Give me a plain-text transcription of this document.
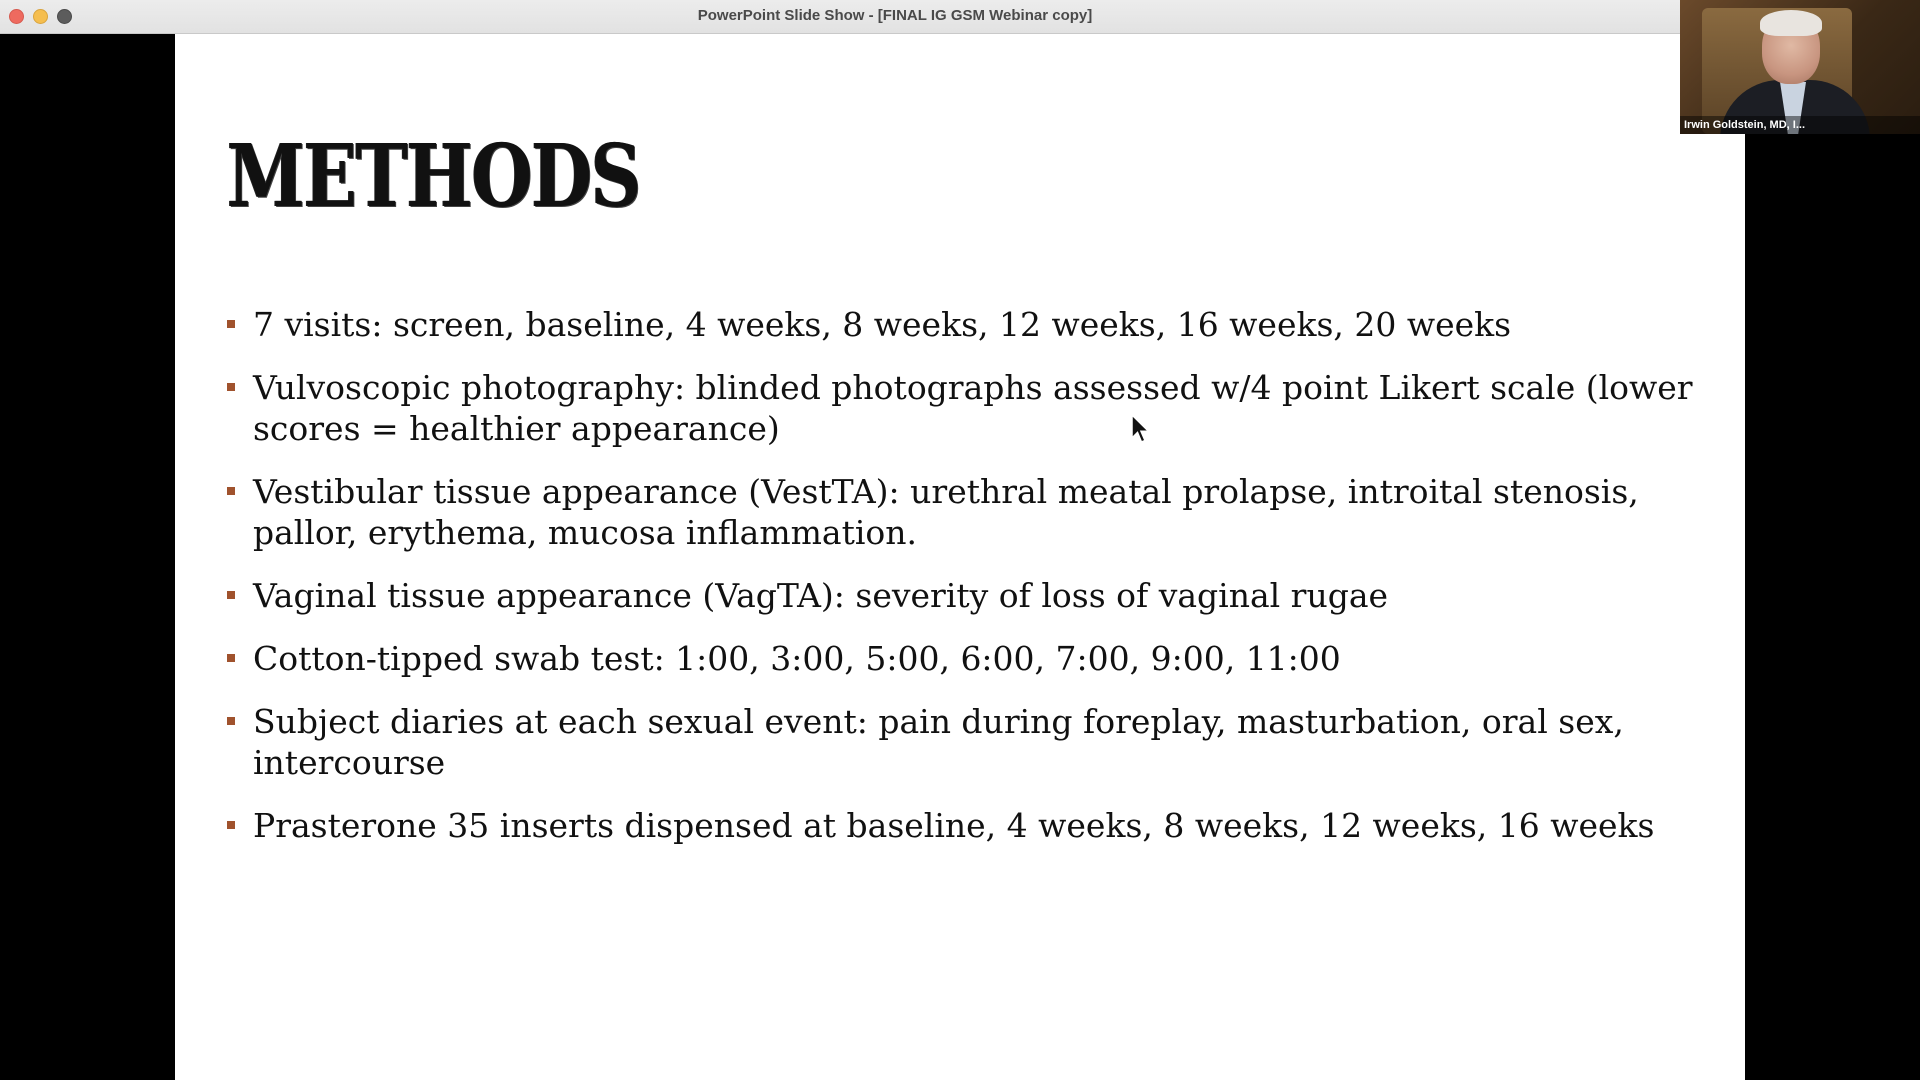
PowerPoint Slide Show - [FINAL IG GSM Webinar copy]
METHODS
7 visits: screen, baseline, 4 weeks, 8 weeks, 12 weeks, 16 weeks, 20 weeks
Vulvoscopic photography: blinded photographs assessed w/4 point Likert scale (lower scores = healthier appearance)
Vestibular tissue appearance (VestTA): urethral meatal prolapse, introital stenosis, pallor, erythema, mucosa inflammation.
Vaginal tissue appearance (VagTA): severity of loss of vaginal rugae
Cotton-tipped swab test: 1:00, 3:00, 5:00, 6:00, 7:00, 9:00, 11:00
Subject diaries at each sexual event: pain during foreplay, masturbation, oral sex, intercourse
Prasterone 35 inserts dispensed at baseline, 4 weeks, 8 weeks, 12 weeks, 16 weeks
Irwin Goldstein, MD, I...
